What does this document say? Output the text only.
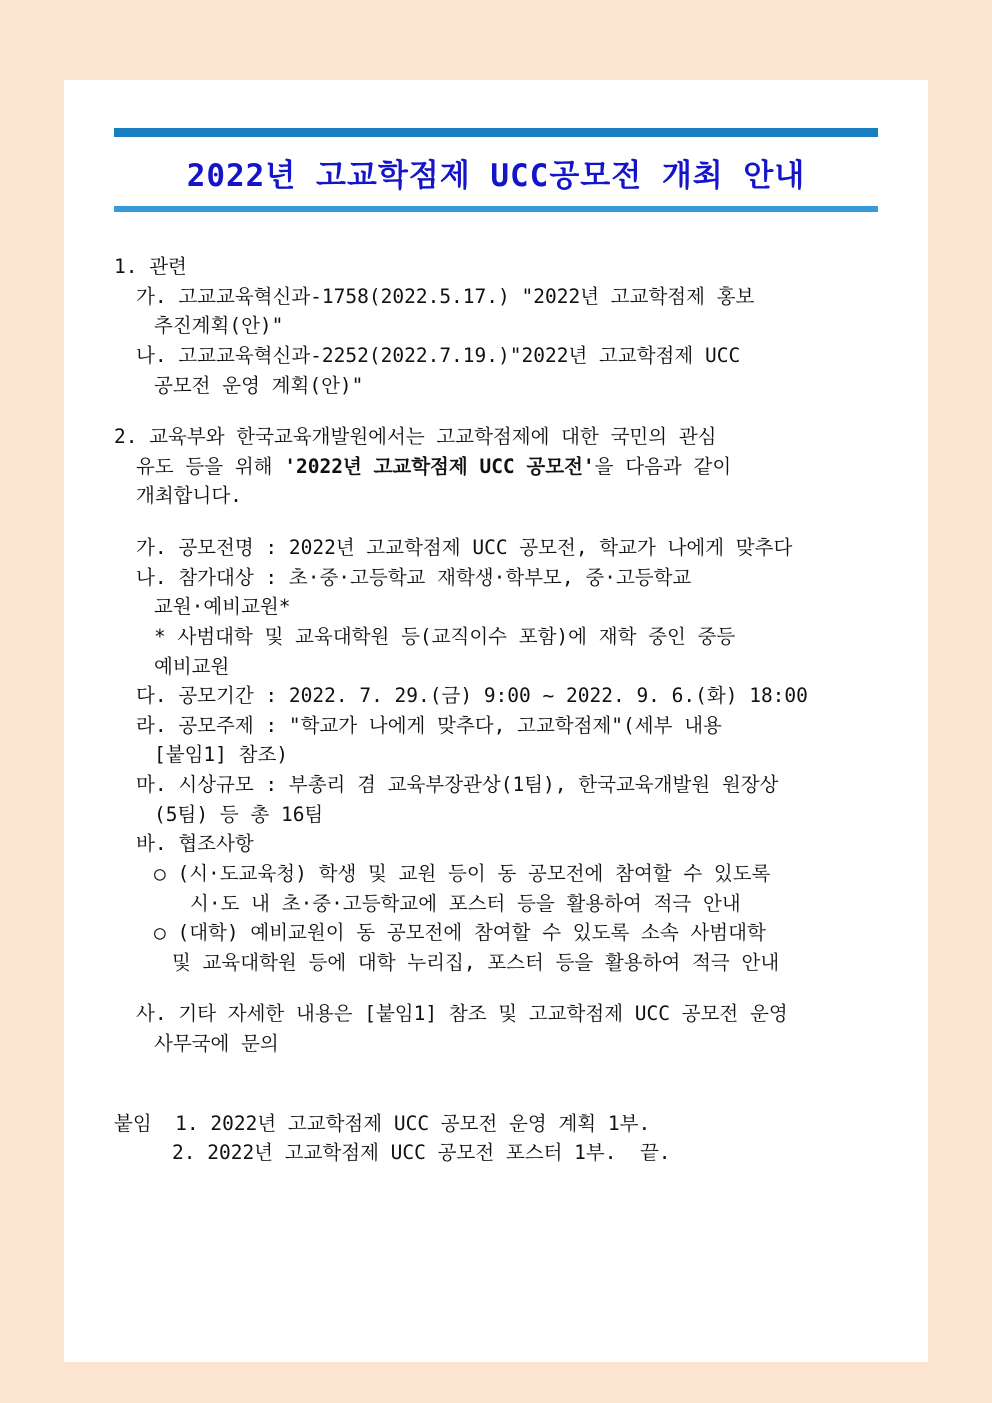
2022년 고교학점제 UCC공모전 개최 안내
1. 관련
가. 고교교육혁신과-1758(2022.5.17.) "2022년 고교학점제 홍보
추진계획(안)"
나. 고교교육혁신과-2252(2022.7.19.)"2022년 고교학점제 UCC
공모전 운영 계획(안)"
2. 교육부와 한국교육개발원에서는 고교학점제에 대한 국민의 관심
유도 등을 위해 '2022년 고교학점제 UCC 공모전'을 다음과 같이
개최합니다.
가. 공모전명 : 2022년 고교학점제 UCC 공모전, 학교가 나에게 맞추다
나. 참가대상 : 초·중·고등학교 재학생·학부모, 중·고등학교
교원·예비교원*
* 사범대학 및 교육대학원 등(교직이수 포함)에 재학 중인 중등
예비교원
다. 공모기간 : 2022. 7. 29.(금) 9:00 ~ 2022. 9. 6.(화) 18:00
라. 공모주제 : "학교가 나에게 맞추다, 고교학점제"(세부 내용
[붙임1] 참조)
마. 시상규모 : 부총리 겸 교육부장관상(1팀), 한국교육개발원 원장상
(5팀) 등 총 16팀
바. 협조사항
○ (시·도교육청) 학생 및 교원 등이 동 공모전에 참여할 수 있도록
시·도 내 초·중·고등학교에 포스터 등을 활용하여 적극 안내
○ (대학) 예비교원이 동 공모전에 참여할 수 있도록 소속 사범대학
및 교육대학원 등에 대학 누리집, 포스터 등을 활용하여 적극 안내
사. 기타 자세한 내용은 [붙임1] 참조 및 고교학점제 UCC 공모전 운영
사무국에 문의
붙임  1. 2022년 고교학점제 UCC 공모전 운영 계획 1부.
2. 2022년 고교학점제 UCC 공모전 포스터 1부.  끝.
